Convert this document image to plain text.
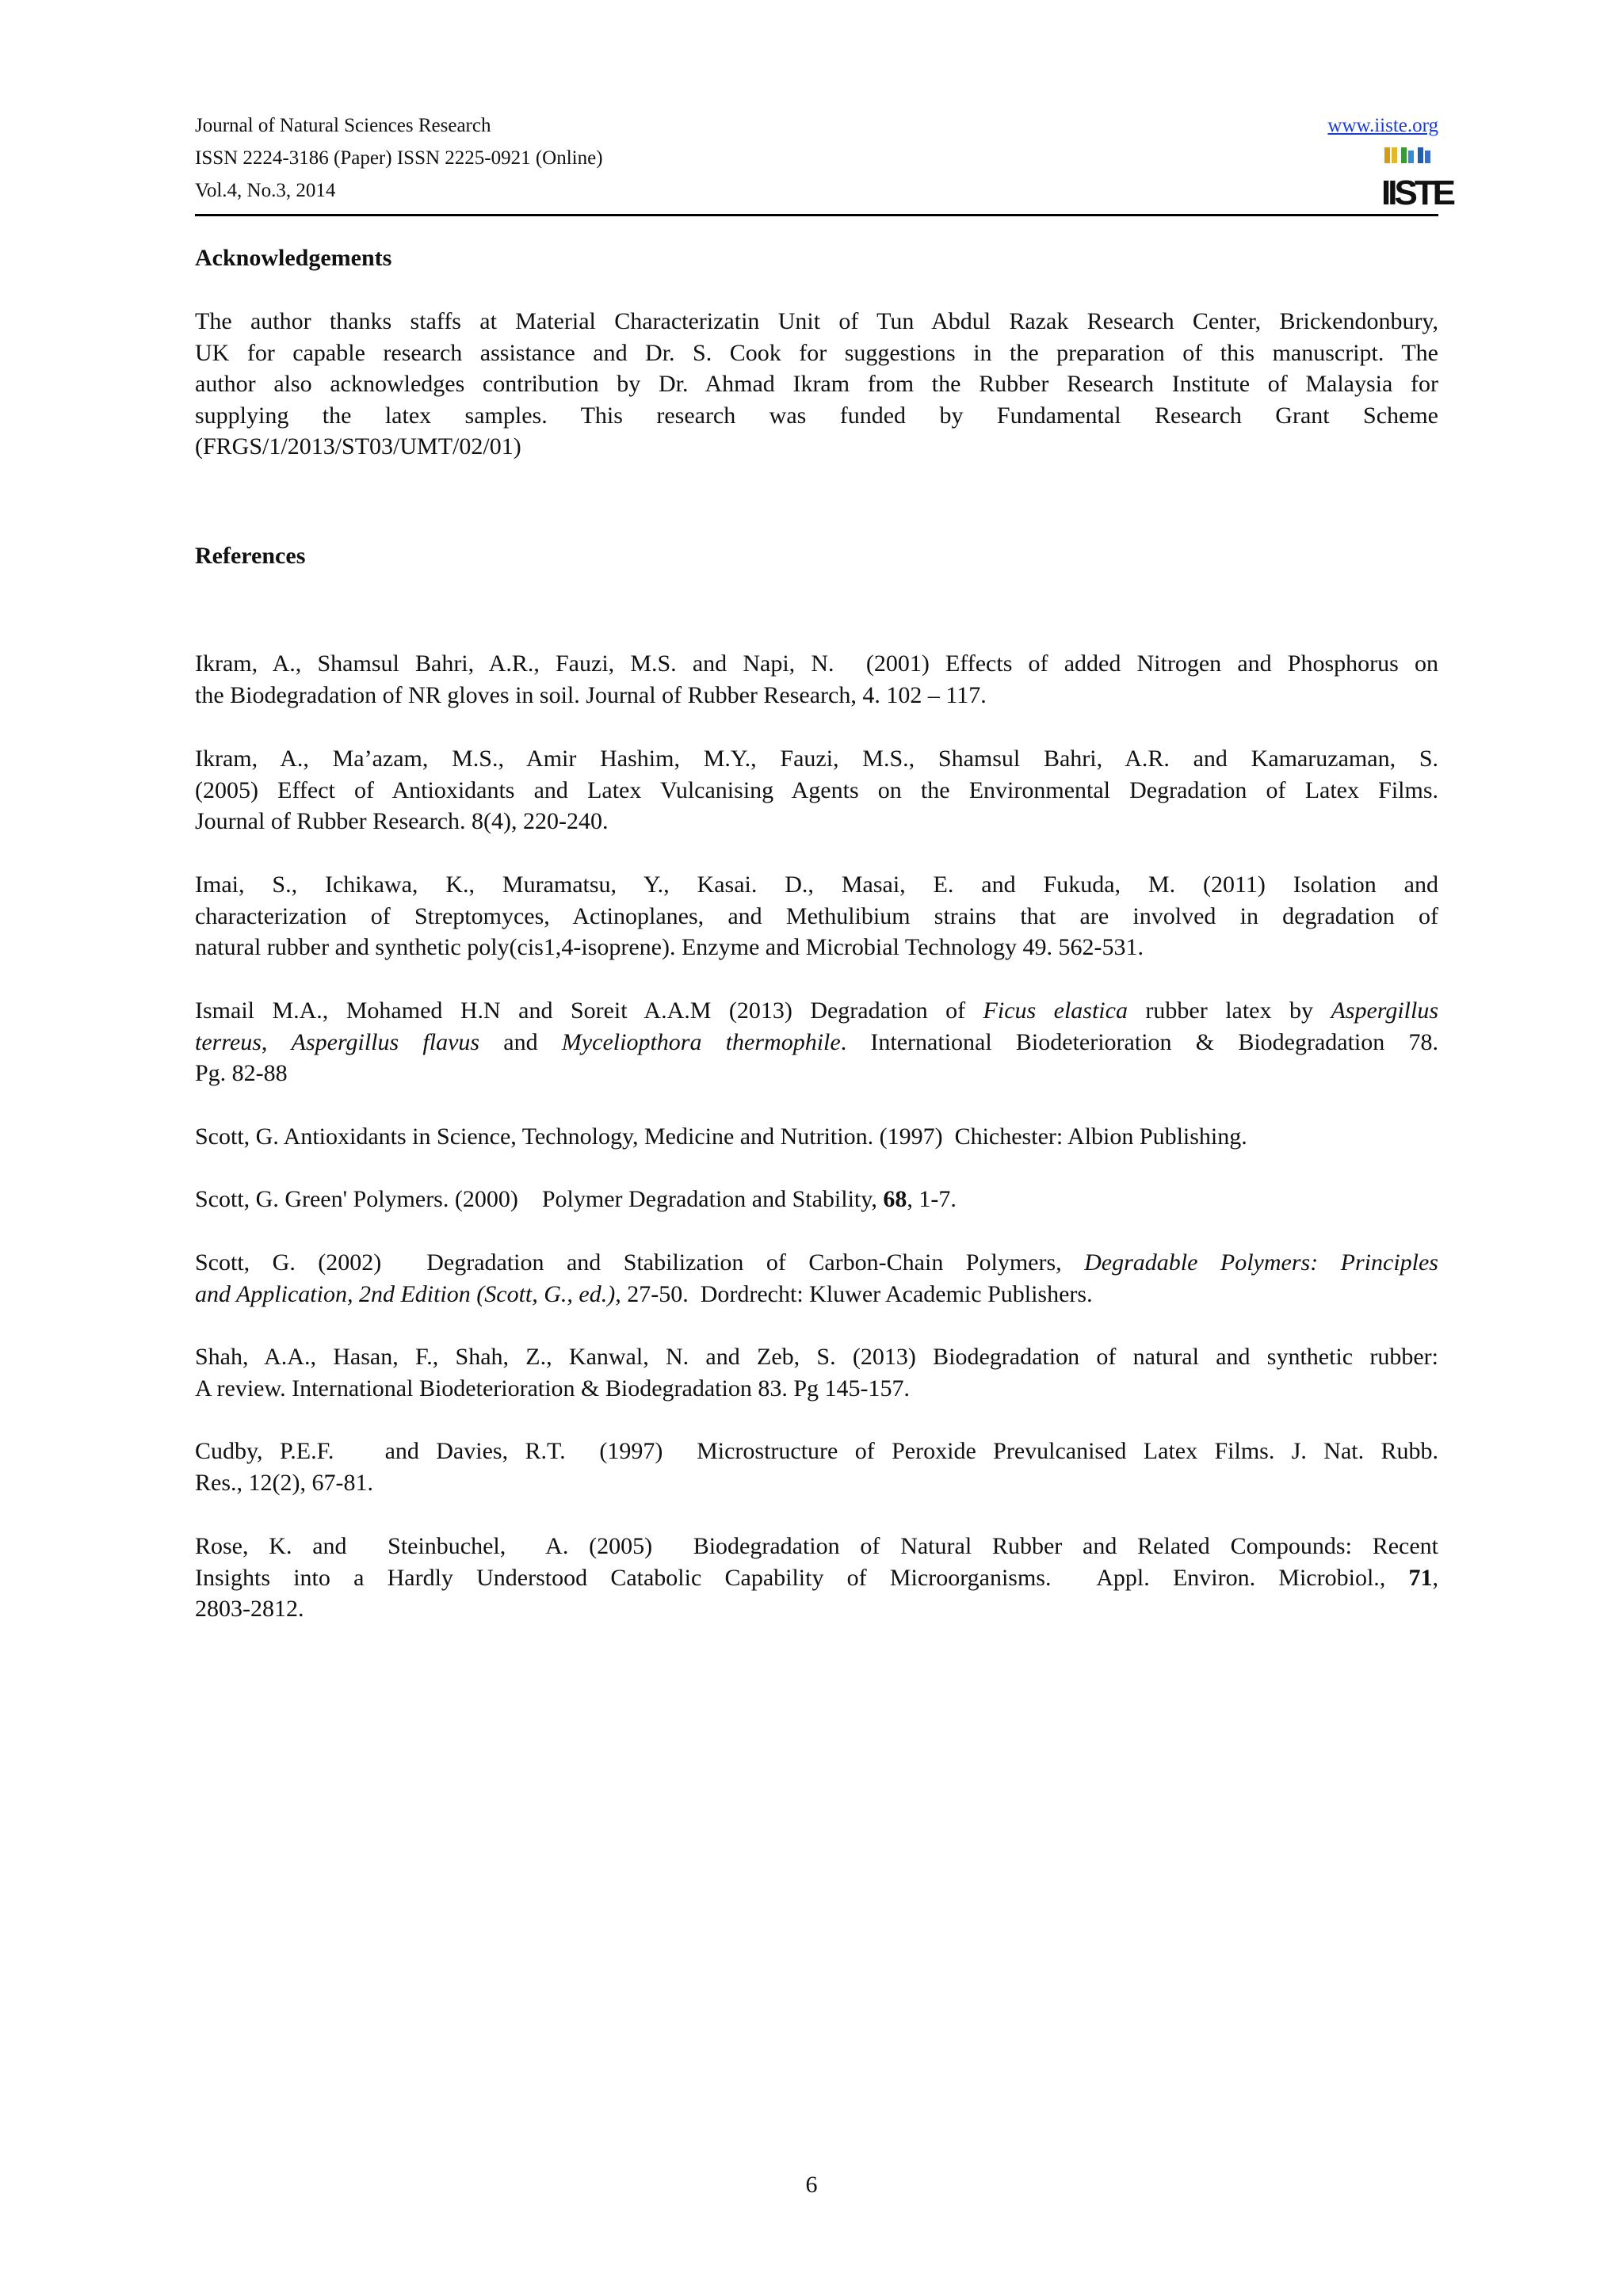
Journal of Natural Sciences Research
ISSN 2224-3186 (Paper) ISSN 2225-0921 (Online)
Vol.4, No.3, 2014
www.iiste.org
IISTE
Acknowledgements
The author thanks staffs at Material Characterizatin Unit of Tun Abdul Razak Research Center, Brickendonbury,
UK for capable research assistance and Dr. S. Cook for suggestions in the preparation of this manuscript. The
author also acknowledges contribution by Dr. Ahmad Ikram from the Rubber Research Institute of Malaysia for
supplying the latex samples. This research was funded by Fundamental Research Grant Scheme
(FRGS/1/2013/ST03/UMT/02/01)
References
Ikram, A., Shamsul Bahri, A.R., Fauzi, M.S. and Napi, N.  (2001) Effects of added Nitrogen and Phosphorus on
the Biodegradation of NR gloves in soil. Journal of Rubber Research, 4. 102 – 117.
Ikram, A., Ma’azam, M.S., Amir Hashim, M.Y., Fauzi, M.S., Shamsul Bahri, A.R. and Kamaruzaman, S.
(2005) Effect of Antioxidants and Latex Vulcanising Agents on the Environmental Degradation of Latex Films.
Journal of Rubber Research. 8(4), 220-240.
Imai, S., Ichikawa, K., Muramatsu, Y., Kasai. D., Masai, E. and Fukuda, M. (2011) Isolation and
characterization of Streptomyces, Actinoplanes, and Methulibium strains that are involved in degradation of
natural rubber and synthetic poly(cis1,4-isoprene). Enzyme and Microbial Technology 49. 562-531.
Ismail M.A., Mohamed H.N and Soreit A.A.M (2013) Degradation of Ficus elastica rubber latex by Aspergillus
terreus, Aspergillus flavus and Myceliopthora thermophile. International Biodeterioration & Biodegradation 78.
Pg. 82-88
Scott, G. Antioxidants in Science, Technology, Medicine and Nutrition. (1997)  Chichester: Albion Publishing.
Scott, G. Green' Polymers. (2000)    Polymer Degradation and Stability, 68, 1-7.
Scott, G. (2002)  Degradation and Stabilization of Carbon-Chain Polymers, Degradable Polymers: Principles
and Application, 2nd Edition (Scott, G., ed.), 27-50.  Dordrecht: Kluwer Academic Publishers.
Shah, A.A., Hasan, F., Shah, Z., Kanwal, N. and Zeb, S. (2013) Biodegradation of natural and synthetic rubber:
A review. International Biodeterioration & Biodegradation 83. Pg 145-157.
Cudby, P.E.F.   and Davies, R.T.  (1997)  Microstructure of Peroxide Prevulcanised Latex Films. J. Nat. Rubb.
Res., 12(2), 67-81.
Rose, K. and  Steinbuchel,  A. (2005)  Biodegradation of Natural Rubber and Related Compounds: Recent
Insights into a Hardly Understood Catabolic Capability of Microorganisms.  Appl. Environ. Microbiol., 71,
2803-2812.
6
